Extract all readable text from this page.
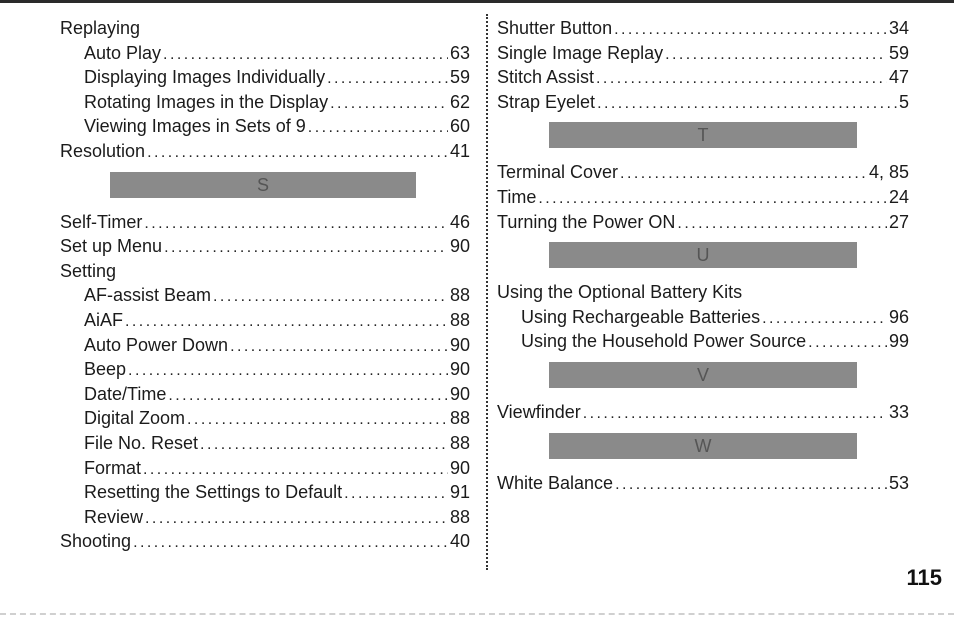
Replaying
Auto Play . . .	63
Displaying Images Individually . . .	59
Rotating Images in the Display . . .	62
Viewing Images in Sets of 9 . . .	60
Resolution . . .	41
S
Self-Timer . . .	46
Set up Menu . . .	90
Setting
AF-assist Beam . . .	88
AiAF . . .	88
Auto Power Down . . .	90
Beep . . .	90
Date/Time . . .	90
Digital Zoom . . .	88
File No. Reset . . .	88
Format . . .	90
Resetting the Settings to Default . . .	91
Review . . .	88
Shooting . . .	40
Shutter Button . . .	34
Single Image Replay . . .	59
Stitch Assist . . .	47
Strap Eyelet . . .	5
T
Terminal Cover . . .	4, 85
Time . . .	24
Turning the Power ON . . .	27
U
Using the Optional Battery Kits
Using Rechargeable Batteries . . .	96
Using the Household Power Source . . .	99
V
Viewfinder . . .	33
W
White Balance . . .	53
115
